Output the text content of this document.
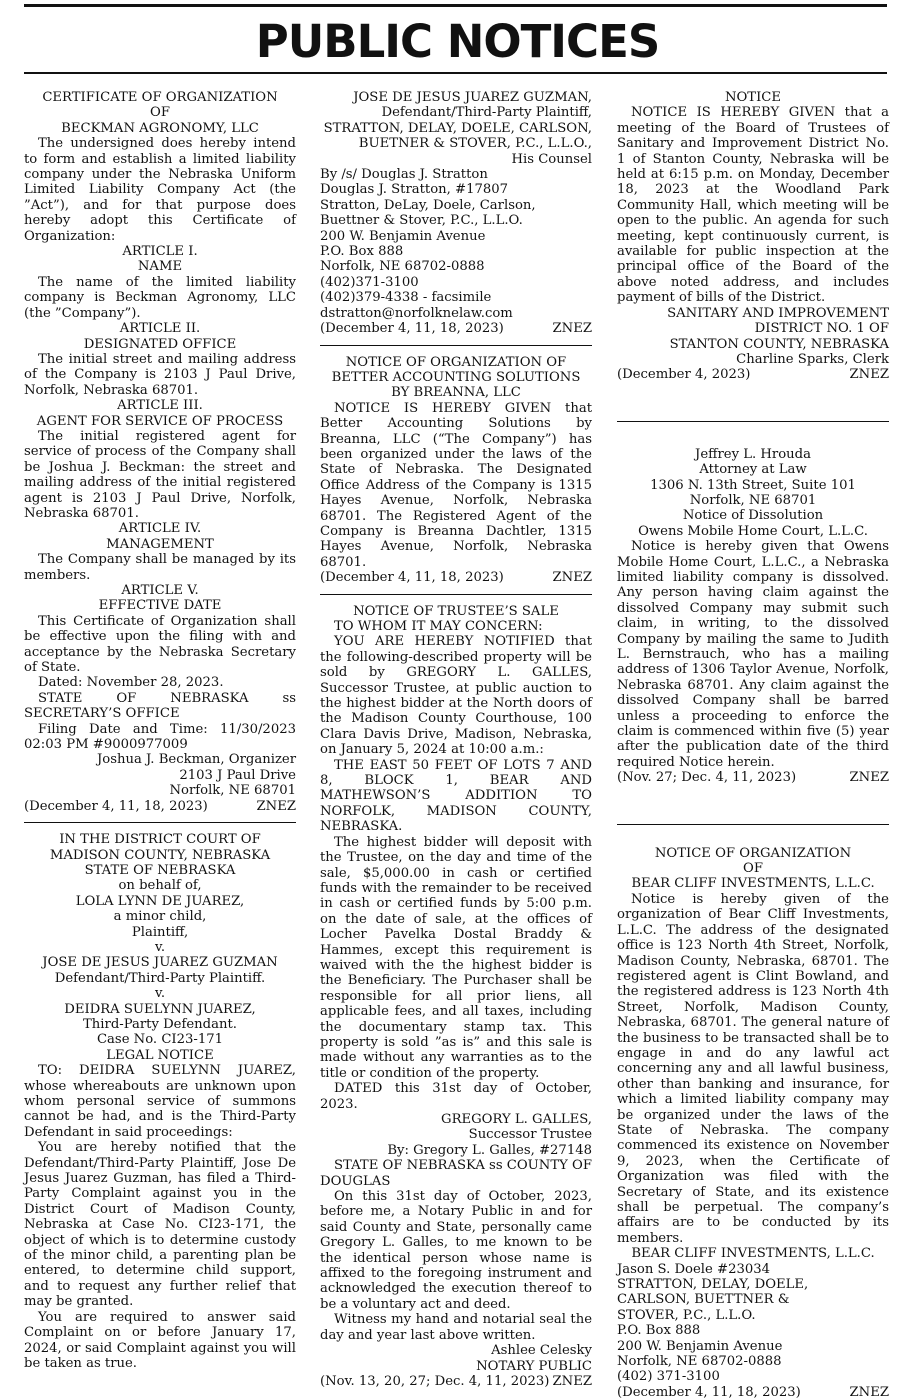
PUBLIC NOTICES

CERTIFICATE OF ORGANIZATION

OF

BECKMAN AGRONOMY, LLC

The undersigned does hereby intend to form and establish a limited liability company under the Nebraska Uniform Limited Liability Company Act (the ”Act”), and for that purpose does hereby adopt this Certificate of Organization:

ARTICLE I.

NAME

The name of the limited liability company is Beckman Agronomy, LLC (the ”Company”).

ARTICLE II.

DESIGNATED OFFICE

The initial street and mailing address of the Company is 2103 J Paul Drive, Norfolk, Nebraska 68701.

ARTICLE III.

AGENT FOR SERVICE OF PROCESS

The initial registered agent for service of process of the Company shall be Joshua J. Beckman: the street and mailing address of the initial registered agent is 2103 J Paul Drive, Norfolk, Nebraska 68701.

ARTICLE IV.

MANAGEMENT

The Company shall be managed by its members.

ARTICLE V.

EFFECTIVE DATE

This Certificate of Organization shall be effective upon the filing with and acceptance by the Nebraska Secretary of State.

Dated: November 28, 2023.

STATE OF NEBRASKA ss SECRETARY’S OFFICE

Filing Date and Time: 11/30/2023 02:03 PM #9000977009

Joshua J. Beckman, Organizer

2103 J Paul Drive

Norfolk, NE 68701

(December 4, 11, 18, 2023)	ZNEZ

IN THE DISTRICT COURT OF

MADISON COUNTY, NEBRASKA

STATE OF NEBRASKA

on behalf of,

LOLA LYNN DE JUAREZ,

a minor child,

Plaintiff,

v.

JOSE DE JESUS JUAREZ GUZMAN

Defendant/Third-Party Plaintiff.

v.

DEIDRA SUELYNN JUAREZ,

Third-Party Defendant.

Case No. CI23-171

LEGAL NOTICE

TO: DEIDRA SUELYNN JUAREZ, whose whereabouts are unknown upon whom personal service of summons cannot be had, and is the Third-Party Defendant in said proceedings:

You are hereby notified that the Defendant/Third-Party Plaintiff, Jose De Jesus Juarez Guzman, has filed a Third-Party Complaint against you in the District Court of Madison County, Nebraska at Case No. CI23-171, the object of which is to determine custody of the minor child, a parenting plan be entered, to determine child support, and to request any further relief that may be granted.

You are required to answer said Complaint on or before January 17, 2024, or said Complaint against you will be taken as true.

JOSE DE JESUS JUAREZ GUZMAN,

Defendant/Third-Party Plaintiff,

STRATTON, DELAY, DOELE, CARLSON,

BUETNER & STOVER, P.C., L.L.O.,

His Counsel

By /s/ Douglas J. Stratton

Douglas J. Stratton, #17807

Stratton, DeLay, Doele, Carlson,

Buettner & Stover, P.C., L.L.O.

200 W. Benjamin Avenue

P.O. Box 888

Norfolk, NE 68702-0888

(402)371-3100

(402)379-4338 - facsimile

dstratton@norfolknelaw.com

(December 4, 11, 18, 2023)	ZNEZ

NOTICE OF ORGANIZATION OF

BETTER ACCOUNTING SOLUTIONS

BY BREANNA, LLC

NOTICE IS HEREBY GIVEN that Better Accounting Solutions by Breanna, LLC (“The Company”) has been organized under the laws of the State of Nebraska. The Designated Office Address of the Company is 1315 Hayes Avenue, Norfolk, Nebraska 68701. The Registered Agent of the Company is Breanna Dachtler, 1315 Hayes Avenue, Norfolk, Nebraska 68701.

(December 4, 11, 18, 2023)	ZNEZ

NOTICE OF TRUSTEE’S SALE

TO WHOM IT MAY CONCERN:

YOU ARE HEREBY NOTIFIED that the following-described property will be sold by GREGORY L. GALLES, Successor Trustee, at public auction to the highest bidder at the North doors of the Madison County Courthouse, 100 Clara Davis Drive, Madison, Nebraska, on January 5, 2024 at 10:00 a.m.:

THE EAST 50 FEET OF LOTS 7 AND 8, BLOCK 1, BEAR AND MATHEWSON’S ADDITION TO NORFOLK, MADISON COUNTY, NEBRASKA.

The highest bidder will deposit with the Trustee, on the day and time of the sale, $5,000.00 in cash or certified funds with the remainder to be received in cash or certified funds by 5:00 p.m. on the date of sale, at the offices of Locher Pavelka Dostal Braddy & Hammes, except this requirement is waived with the the highest bidder is the Beneficiary. The Purchaser shall be responsible for all prior liens, all applicable fees, and all taxes, including the documentary stamp tax. This property is sold ”as is” and this sale is made without any warranties as to the title or condition of the property.

DATED this 31st day of October, 2023.

GREGORY L. GALLES,

Successor Trustee

By: Gregory L. Galles, #27148

STATE OF NEBRASKA ss COUNTY OF DOUGLAS

On this 31st day of October, 2023, before me, a Notary Public in and for said County and State, personally came Gregory L. Galles, to me known to be the identical person whose name is affixed to the foregoing instrument and acknowledged the execution thereof to be a voluntary act and deed.

Witness my hand and notarial seal the day and year last above written.

Ashlee Celesky

NOTARY PUBLIC

(Nov. 13, 20, 27; Dec. 4, 11, 2023) ZNEZ

NOTICE

NOTICE IS HEREBY GIVEN that a meeting of the Board of Trustees of Sanitary and Improvement District No. 1 of Stanton County, Nebraska will be held at 6:15 p.m. on Monday, December 18, 2023 at the Woodland Park Community Hall, which meeting will be open to the public. An agenda for such meeting, kept continuously current, is available for public inspection at the principal office of the Board of the above noted address, and includes payment of bills of the District.

SANITARY AND IMPROVEMENT

DISTRICT NO. 1 OF

STANTON COUNTY, NEBRASKA

Charline Sparks, Clerk

(December 4, 2023)	ZNEZ

Jeffrey L. Hrouda

Attorney at Law

1306 N. 13th Street, Suite 101

Norfolk, NE 68701

Notice of Dissolution

Owens Mobile Home Court, L.L.C.

Notice is hereby given that Owens Mobile Home Court, L.L.C., a Nebraska limited liability company is dissolved. Any person having claim against the dissolved Company may submit such claim, in writing, to the dissolved Company by mailing the same to Judith L. Bernstrauch, who has a mailing address of 1306 Taylor Avenue, Norfolk, Nebraska 68701. Any claim against the dissolved Company shall be barred unless a proceeding to enforce the claim is commenced within five (5) year after the publication date of the third required Notice herein.

(Nov. 27; Dec. 4, 11, 2023)	ZNEZ

NOTICE OF ORGANIZATION

OF

BEAR CLIFF INVESTMENTS, L.L.C.

Notice is hereby given of the organization of Bear Cliff Investments, L.L.C. The address of the designated office is 123 North 4th Street, Norfolk, Madison County, Nebraska, 68701. The registered agent is Clint Bowland, and the registered address is 123 North 4th Street, Norfolk, Madison County, Nebraska, 68701. The general nature of the business to be transacted shall be to engage in and do any lawful act concerning any and all lawful business, other than banking and insurance, for which a limited liability company may be organized under the laws of the State of Nebraska. The company commenced its existence on November 9, 2023, when the Certificate of Organization was filed with the Secretary of State, and its existence shall be perpetual. The company’s affairs are to be conducted by its members.

BEAR CLIFF INVESTMENTS, L.L.C.

Jason S. Doele #23034

STRATTON, DELAY, DOELE,

CARLSON, BUETTNER &

STOVER, P.C., L.L.O.

P.O. Box 888

200 W. Benjamin Avenue

Norfolk, NE 68702-0888

(402) 371-3100

(December 4, 11, 18, 2023)	ZNEZ
